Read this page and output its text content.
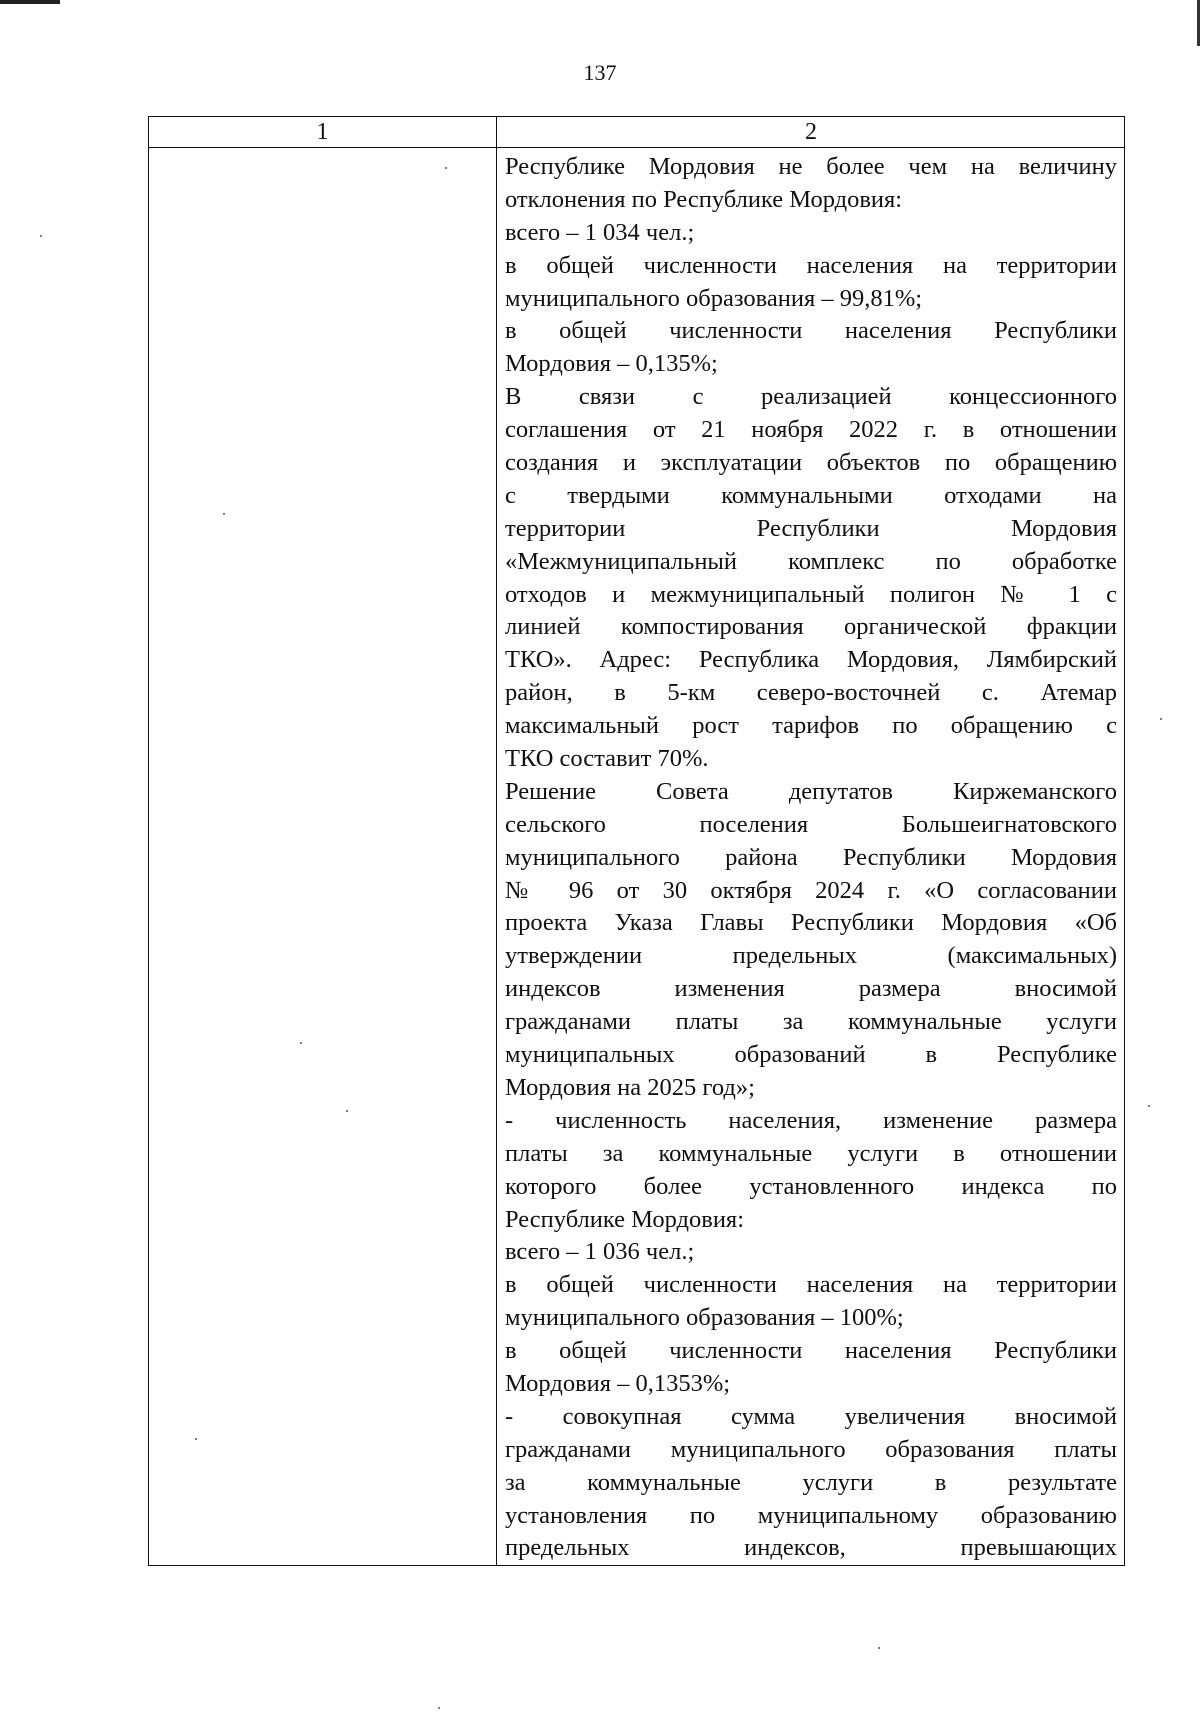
137
1	2
Республике Мордовия не более чем на величину
отклонения по Республике Мордовия:
всего – 1 034 чел.;
в общей численности населения на территории
муниципального образования – 99,81%;
в общей численности населения Республики
Мордовия – 0,135%;
В связи с реализацией концессионного
соглашения от 21 ноября 2022 г. в отношении
создания и эксплуатации объектов по обращению
с твердыми коммунальными отходами на
территории Республики Мордовия
«Межмуниципальный комплекс по обработке
отходов и межмуниципальный полигон № 1 с
линией компостирования органической фракции
ТКО». Адрес: Республика Мордовия, Лямбирский
район, в 5-км северо-восточней с. Атемар
максимальный рост тарифов по обращению с
ТКО составит 70%.
Решение Совета депутатов Киржеманского
сельского поселения Большеигнатовского
муниципального района Республики Мордовия
№ 96 от 30 октября 2024 г. «О согласовании
проекта Указа Главы Республики Мордовия «Об
утверждении предельных (максимальных)
индексов изменения размера вносимой
гражданами платы за коммунальные услуги
муниципальных образований в Республике
Мордовия на 2025 год»;
- численность населения, изменение размера
платы за коммунальные услуги в отношении
которого более установленного индекса по
Республике Мордовия:
всего – 1 036 чел.;
в общей численности населения на территории
муниципального образования – 100%;
в общей численности населения Республики
Мордовия – 0,1353%;
- совокупная сумма увеличения вносимой
гражданами муниципального образования платы
за коммунальные услуги в результате
установления по муниципальному образованию
предельных индексов, превышающих
